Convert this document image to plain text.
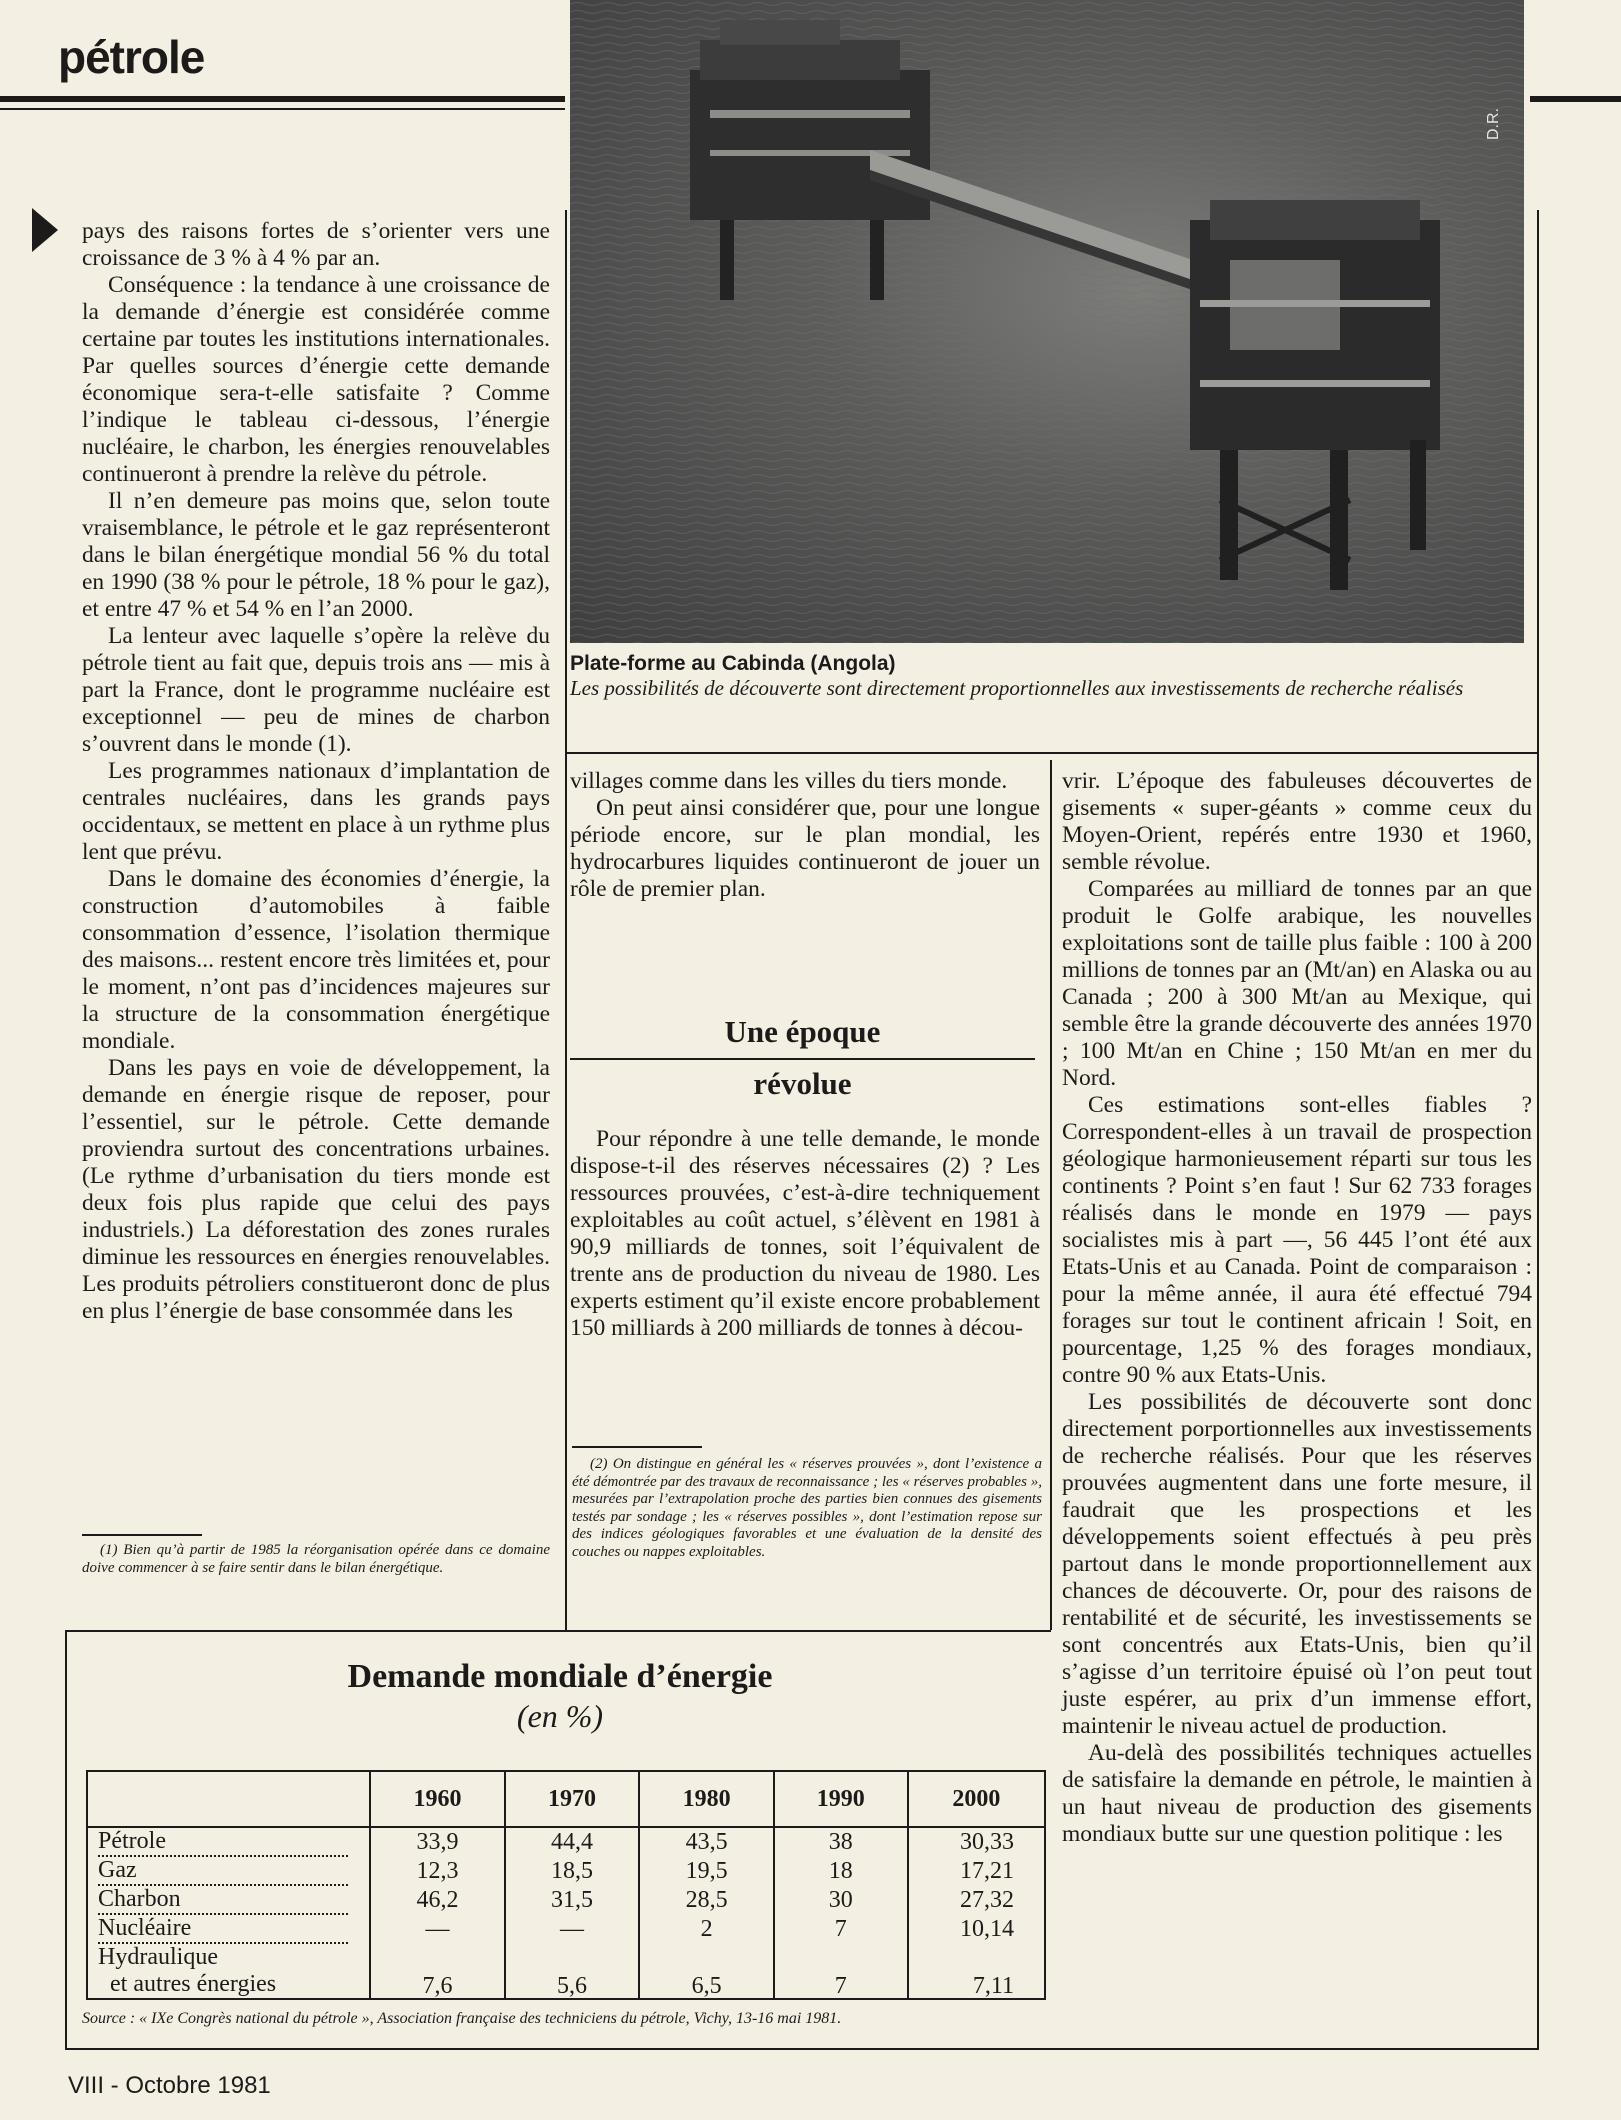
pétrole
D.R.
Plate-forme au Cabinda (Angola)
Les possibilités de découverte sont directement proportionnelles aux investissements de recherche réalisés

pays des raisons fortes de s’orienter vers une croissance de 3 % à 4 % par an.

Conséquence : la tendance à une croissance de la demande d’énergie est considérée comme certaine par toutes les institutions internationales. Par quelles sources d’énergie cette demande économique sera-t-elle satisfaite ? Comme l’indique le tableau ci-dessous, l’énergie nucléaire, le charbon, les énergies renouvelables continueront à prendre la relève du pétrole.

Il n’en demeure pas moins que, selon toute vraisemblance, le pétrole et le gaz représenteront dans le bilan énergétique mondial 56 % du total en 1990 (38 % pour le pétrole, 18 % pour le gaz), et entre 47 % et 54 % en l’an 2000.

La lenteur avec laquelle s’opère la relève du pétrole tient au fait que, depuis trois ans — mis à part la France, dont le programme nucléaire est exceptionnel — peu de mines de charbon s’ouvrent dans le monde (1).

Les programmes nationaux d’implantation de centrales nucléaires, dans les grands pays occidentaux, se mettent en place à un rythme plus lent que prévu.

Dans le domaine des économies d’énergie, la construction d’automobiles à faible consommation d’essence, l’isolation thermique des maisons... restent encore très limitées et, pour le moment, n’ont pas d’incidences majeures sur la structure de la consommation énergétique mondiale.

Dans les pays en voie de développement, la demande en énergie risque de reposer, pour l’essentiel, sur le pétrole. Cette demande proviendra surtout des concentrations urbaines. (Le rythme d’urbanisation du tiers monde est deux fois plus rapide que celui des pays industriels.) La déforestation des zones rurales diminue les ressources en énergies renouvelables. Les produits pétroliers constitueront donc de plus en plus l’énergie de base consommée dans les

(1) Bien qu’à partir de 1985 la réorganisation opérée dans ce domaine doive commencer à se faire sentir dans le bilan énergétique.

villages comme dans les villes du tiers monde.

On peut ainsi considérer que, pour une longue période encore, sur le plan mondial, les hydrocarbures liquides continueront de jouer un rôle de premier plan.

Une époque
révolue

Pour répondre à une telle demande, le monde dispose-t-il des réserves nécessaires (2) ? Les ressources prouvées, c’est-à-dire techniquement exploitables au coût actuel, s’élèvent en 1981 à 90,9 milliards de tonnes, soit l’équivalent de trente ans de production du niveau de 1980. Les experts estiment qu’il existe encore probablement 150 milliards à 200 milliards de tonnes à décou-

(2) On distingue en général les « réserves prouvées », dont l’existence a été démontrée par des travaux de reconnaissance ; les « réserves probables », mesurées par l’extrapolation proche des parties bien connues des gisements testés par sondage ; les « réserves possibles », dont l’estimation repose sur des indices géologiques favorables et une évaluation de la densité des couches ou nappes exploitables.

vrir. L’époque des fabuleuses découvertes de gisements « super-géants » comme ceux du Moyen-Orient, repérés entre 1930 et 1960, semble révolue.

Comparées au milliard de tonnes par an que produit le Golfe arabique, les nouvelles exploitations sont de taille plus faible : 100 à 200 millions de tonnes par an (Mt/an) en Alaska ou au Canada ; 200 à 300 Mt/an au Mexique, qui semble être la grande découverte des années 1970 ; 100 Mt/an en Chine ; 150 Mt/an en mer du Nord.

Ces estimations sont-elles fiables ? Correspondent-elles à un travail de prospection géologique harmonieusement réparti sur tous les continents ? Point s’en faut ! Sur 62 733 forages réalisés dans le monde en 1979 — pays socialistes mis à part —, 56 445 l’ont été aux Etats-Unis et au Canada. Point de comparaison : pour la même année, il aura été effectué 794 forages sur tout le continent africain ! Soit, en pourcentage, 1,25 % des forages mondiaux, contre 90 % aux Etats-Unis.

Les possibilités de découverte sont donc directement porportionnelles aux investissements de recherche réalisés. Pour que les réserves prouvées augmentent dans une forte mesure, il faudrait que les prospections et les développements soient effectués à peu près partout dans le monde proportionnellement aux chances de découverte. Or, pour des raisons de rentabilité et de sécurité, les investissements se sont concentrés aux Etats-Unis, bien qu’il s’agisse d’un territoire épuisé où l’on peut tout juste espérer, au prix d’un immense effort, maintenir le niveau actuel de production.

Au-delà des possibilités techniques actuelles de satisfaire la demande en pétrole, le maintien à un haut niveau de production des gisements mondiaux butte sur une question politique : les

Demande mondiale d’énergie
(en %)
	1960	1970	1980	1990	2000
Pétrole	33,9	44,4	43,5	38	30,33
Gaz	12,3	18,5	19,5	18	17,21
Charbon	46,2	31,5	28,5	30	27,32
Nucléaire	—	—	2	7	10,14

Hydraulique
et autres énergies	7,6	5,6	6,5	7	7,11
Source : « IXe Congrès national du pétrole », Association française des techniciens du pétrole, Vichy, 13-16 mai 1981.
VIII - Octobre 1981
